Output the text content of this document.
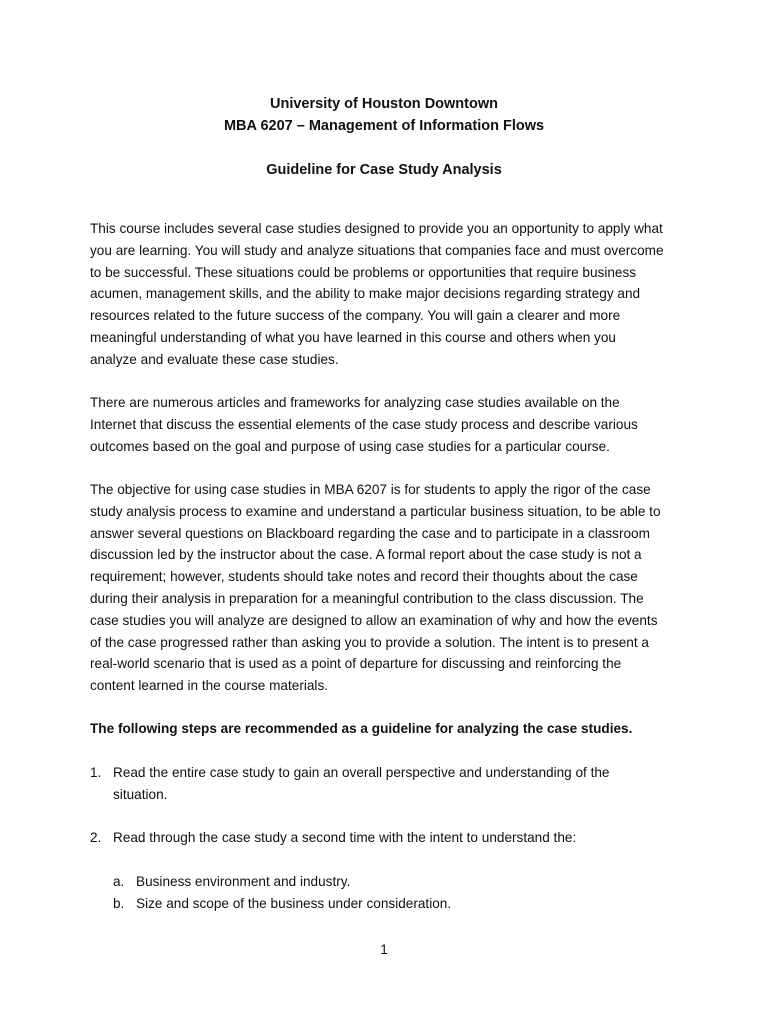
University of Houston Downtown
MBA 6207 – Management of Information Flows
Guideline for Case Study Analysis
This course includes several case studies designed to provide you an opportunity to apply what
you are learning. You will study and analyze situations that companies face and must overcome
to be successful. These situations could be problems or opportunities that require business
acumen, management skills, and the ability to make major decisions regarding strategy and
resources related to the future success of the company. You will gain a clearer and more
meaningful understanding of what you have learned in this course and others when you
analyze and evaluate these case studies.
There are numerous articles and frameworks for analyzing case studies available on the
Internet that discuss the essential elements of the case study process and describe various
outcomes based on the goal and purpose of using case studies for a particular course.
The objective for using case studies in MBA 6207 is for students to apply the rigor of the case
study analysis process to examine and understand a particular business situation, to be able to
answer several questions on Blackboard regarding the case and to participate in a classroom
discussion led by the instructor about the case. A formal report about the case study is not a
requirement; however, students should take notes and record their thoughts about the case
during their analysis in preparation for a meaningful contribution to the class discussion. The
case studies you will analyze are designed to allow an examination of why and how the events
of the case progressed rather than asking you to provide a solution. The intent is to present a
real-world scenario that is used as a point of departure for discussing and reinforcing the
content learned in the course materials.
The following steps are recommended as a guideline for analyzing the case studies.
1. Read the entire case study to gain an overall perspective and understanding of the
situation.
2. Read through the case study a second time with the intent to understand the:
a. Business environment and industry.
b. Size and scope of the business under consideration.
1
